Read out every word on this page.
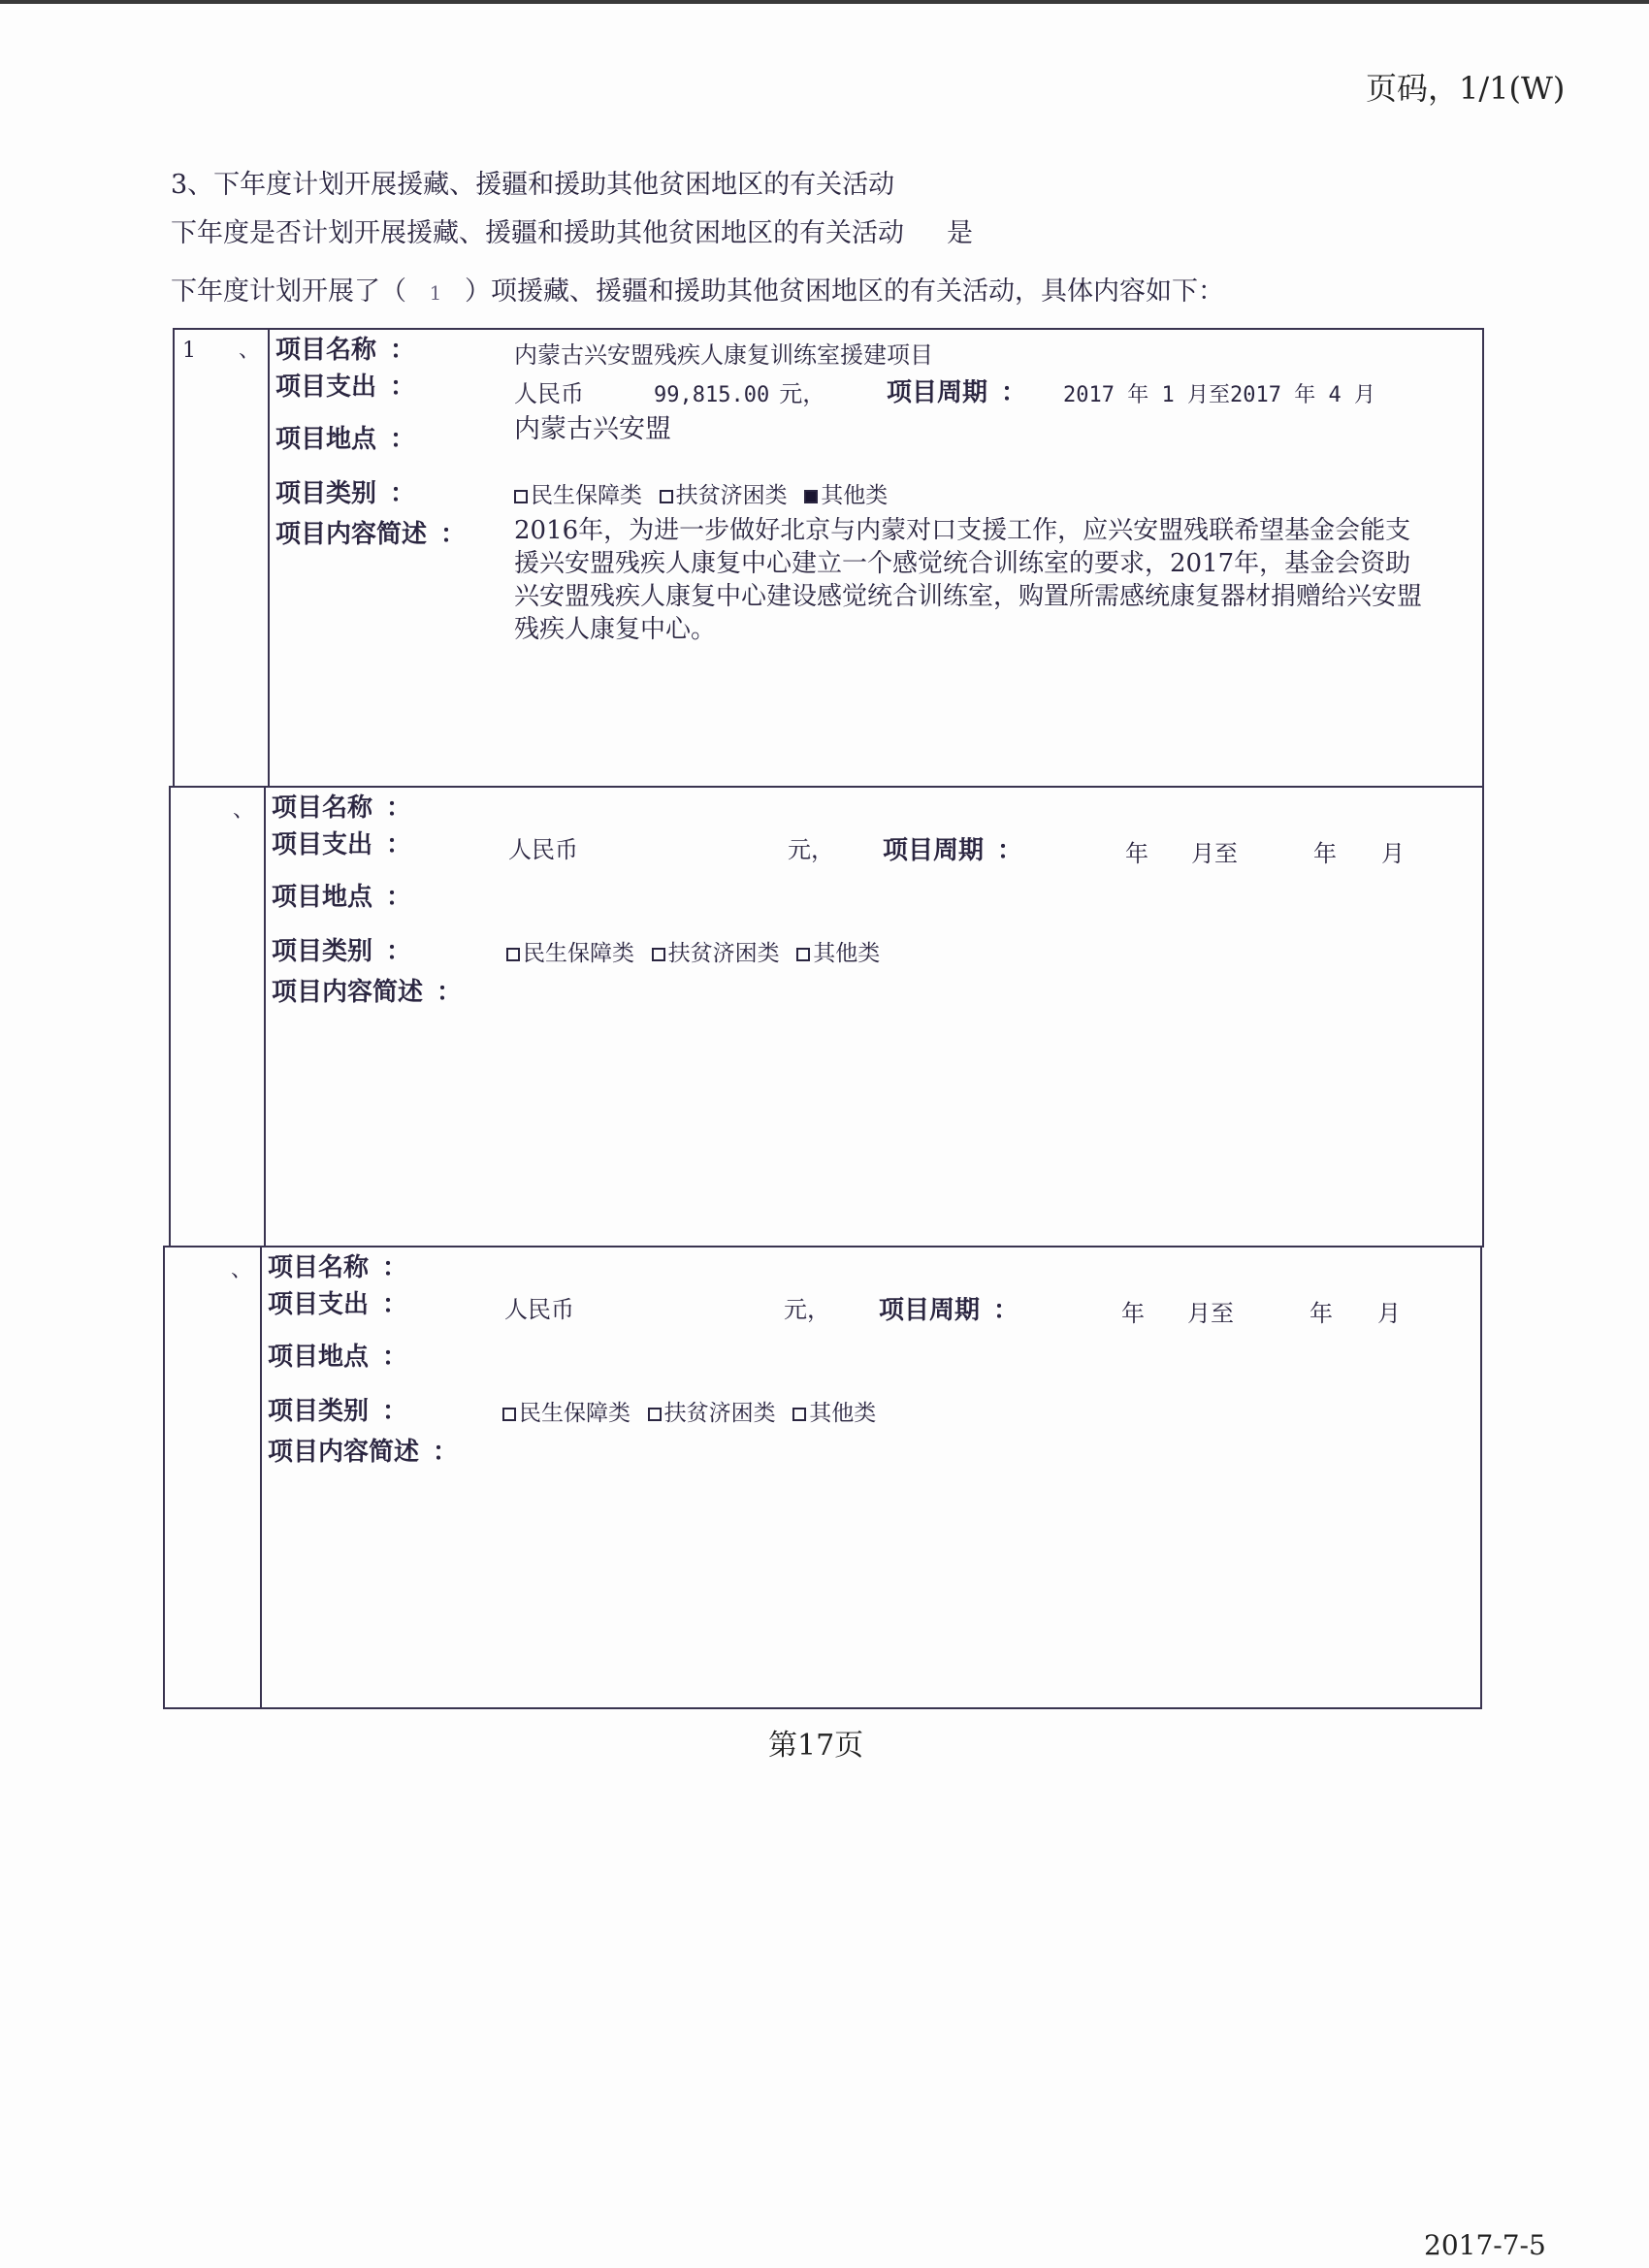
页码，1/1(W)
3、下年度计划开展援藏、援疆和援助其他贫困地区的有关活动
下年度是否计划开展援藏、援疆和援助其他贫困地区的有关活动 是
下年度计划开展了（ 1 ）项援藏、援疆和援助其他贫困地区的有关活动，具体内容如下：
1　　、 项目名称 ：	内蒙古兴安盟残疾人康复训练室援建项目
项目支出 ：	人民币	99,815.00 元， 项目周期 ： 2017 年 1 月至2017 年 4 月
项目地点 ：	内蒙古兴安盟
项目类别 ：	民生保障类 扶贫济困类 其他类
项目内容简述 ： 2016年，为进一步做好北京与内蒙对口支援工作，应兴安盟残联希望基金会能支援兴安盟残疾人康复中心建立一个感觉统合训练室的要求，2017年，基金会资助兴安盟残疾人康复中心建设感觉统合训练室，购置所需感统康复器材捐赠给兴安盟残疾人康复中心。
、 项目名称 ：
项目支出 ：	人民币	元， 项目周期 ：	年 月至	年 月
项目地点 ：
项目类别 ：	民生保障类 扶贫济困类 其他类
项目内容简述 ：
、 项目名称 ：
项目支出 ：	人民币	元， 项目周期 ：	年 月至	年 月
项目地点 ：
项目类别 ：	民生保障类 扶贫济困类 其他类
项目内容简述 ：
第17页
2017-7-5
